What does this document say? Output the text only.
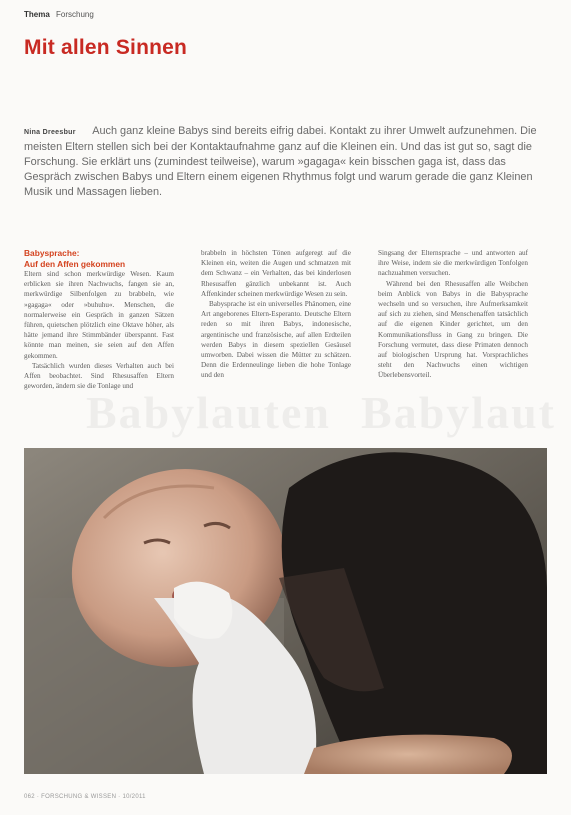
Thema Forschung
Mit allen Sinnen

Nina Dreesbur Auch ganz kleine Babys sind bereits eifrig dabei. Kontakt zu ihrer Umwelt aufzunehmen. Die meisten Eltern stellen sich bei der Kontaktaufnahme ganz auf die Kleinen ein. Und das ist gut so, sagt die Forschung. Sie erklärt uns (zumindest teilweise), warum »gagaga« kein bisschen gaga ist, dass das Gespräch zwischen Babys und Eltern einem eigenen Rhythmus folgt und warum gerade die ganz Kleinen Musik und Massagen lieben.

Babysprache:
Auf den Affen gekommen

Eltern sind schon merkwürdige Wesen. Kaum erblicken sie ihren Nachwuchs, fangen sie an, merkwürdige Silbenfolgen zu brabbeln, wie »gagaga« oder »buhuhu«. Menschen, die normalerweise ein Gespräch in ganzen Sätzen führen, quietschen plötzlich eine Oktave höher, als hätte jemand ihre Stimmbänder überspannt. Fast könnte man meinen, sie seien auf den Affen gekommen.

Tatsächlich wurden dieses Verhalten auch bei Affen beobachtet. Sind Rhesusaffen Eltern geworden, ändern sie die Tonlage und

brabbeln in höchsten Tönen aufgeregt auf die Kleinen ein, weiten die Augen und schmatzen mit dem Schwanz – ein Verhalten, das bei kinderlosen Rhesusaffen gänzlich unbekannt ist. Auch Affenkinder scheinen merkwürdige Wesen zu sein.

Babysprache ist ein universelles Phänomen, eine Art angeborenes Eltern-Esperanto. Deutsche Eltern reden so mit ihren Babys, indonesische, argentinische und französische, auf allen Erdteilen werden Babys in diesem speziellen Gesäusel umworben. Dabei wissen die Mütter zu schätzen. Denn die Erdenneulinge lieben die hohe Tonlage und den

Singsang der Elternsprache – und antworten auf ihre Weise, indem sie die merkwürdigen Tonfolgen nachzuahmen versuchen.

Während bei den Rhesusaffen alle Weibchen beim Anblick von Babys in die Babysprache wechseln und so versuchen, ihre Aufmerksamkeit auf sich zu ziehen, sind Menschenaffen tatsächlich auf die eigenen Kinder gerichtet, um den Kommunikationsfluss in Gang zu bringen. Die Forschung vermutet, dass diese Primaten dennoch auf biologischen Ursprung hat. Vorsprachliches steht den Nachwuchs einen wichtigen Überlebensvorteil.

Babylauten Babylaut
062 · FORSCHUNG & WISSEN · 10/2011
